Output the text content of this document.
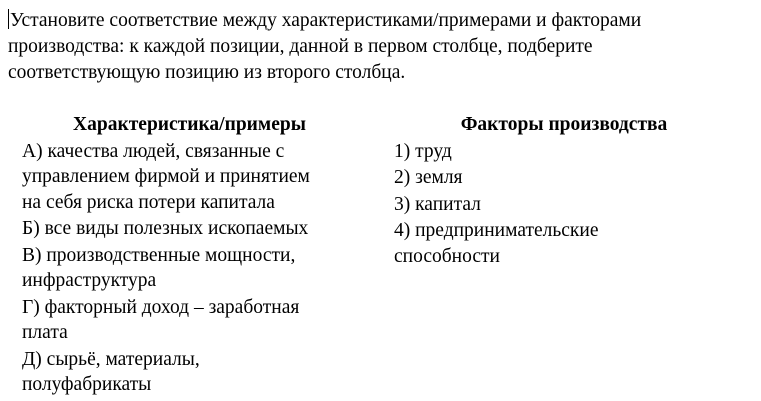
Установите соответствие между характеристиками/примерами и факторами
производства: к каждой позиции, данной в первом столбце, подберите
соответствующую позицию из второго столбца.
Характеристика/примеры
А) качества людей, связанные с
управлением фирмой и принятием
на себя риска потери капитала
Б) все виды полезных ископаемых
В) производственные мощности,
инфраструктура
Г) факторный доход – заработная
плата
Д) сырьё, материалы,
полуфабрикаты
Факторы производства
1) труд
2) земля
3) капитал
4) предпринимательские
способности
